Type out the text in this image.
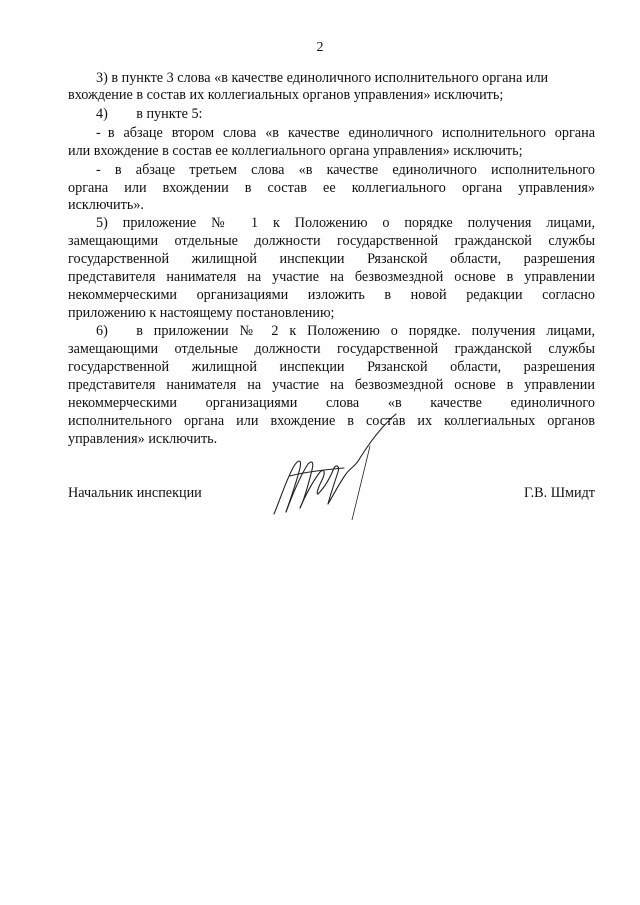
2
3) в пункте 3 слова «в качестве единоличного исполнительного органа или
вхождение в состав их коллегиальных органов управления» исключить;
4)  в пункте 5:
- в абзаце втором слова «в качестве единоличного исполнительного органа
или вхождение в состав ее коллегиального органа управления» исключить;
- в абзаце третьем слова «в качестве единоличного исполнительного
органа или вхождении в состав ее коллегиального органа управления»
исключить».
5) приложение № 1 к Положению о порядке получения лицами,
замещающими отдельные должности государственной гражданской службы
государственной жилищной инспекции Рязанской области, разрешения
представителя нанимателя на участие на безвозмездной основе в управлении
некоммерческими организациями изложить в новой редакции согласно
приложению к настоящему постановлению;
6)  в приложении № 2 к Положению о порядке. получения лицами,
замещающими отдельные должности государственной гражданской службы
государственной жилищной инспекции Рязанской области, разрешения
представителя нанимателя на участие на безвозмездной основе в управлении
некоммерческими организациями слова «в качестве единоличного
исполнительного органа или вхождение в состав их коллегиальных органов
управления» исключить.
Начальник инспекции	Г.В. Шмидт
